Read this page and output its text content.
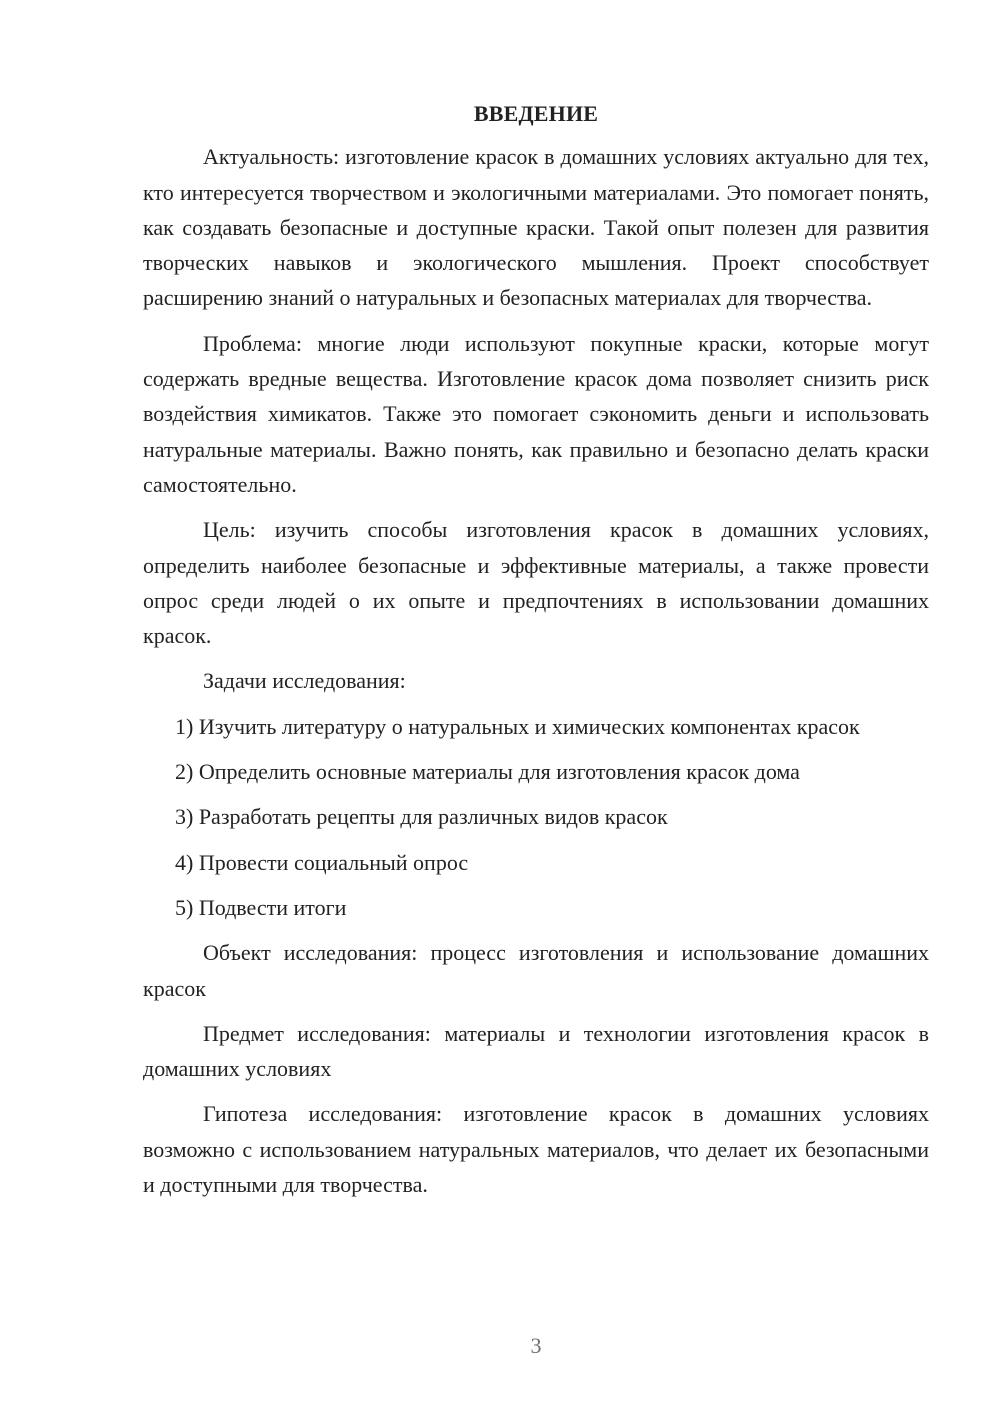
ВВЕДЕНИЕ

Актуальность: изготовление красок в домашних условиях актуально для тех, кто интересуется творчеством и экологичными материалами. Это помогает понять, как создавать безопасные и доступные краски. Такой опыт полезен для развития творческих навыков и экологического мышления. Проект способствует расширению знаний о натуральных и безопасных материалах для творчества.

Проблема: многие люди используют покупные краски, которые могут содержать вредные вещества. Изготовление красок дома позволяет снизить риск воздействия химикатов. Также это помогает сэкономить деньги и использовать натуральные материалы. Важно понять, как правильно и безопасно делать краски самостоятельно.

Цель: изучить способы изготовления красок в домашних условиях, определить наиболее безопасные и эффективные материалы, а также провести опрос среди людей о их опыте и предпочтениях в использовании домашних красок.

Задачи исследования:

1) Изучить литературу о натуральных и химических компонентах красок

2) Определить основные материалы для изготовления красок дома

3) Разработать рецепты для различных видов красок

4) Провести социальный опрос

5) Подвести итоги

Объект исследования: процесс изготовления и использование домашних красок

Предмет исследования: материалы и технологии изготовления красок в домашних условиях

Гипотеза исследования: изготовление красок в домашних условиях возможно с использованием натуральных материалов, что делает их безопасными и доступными для творчества.

3
